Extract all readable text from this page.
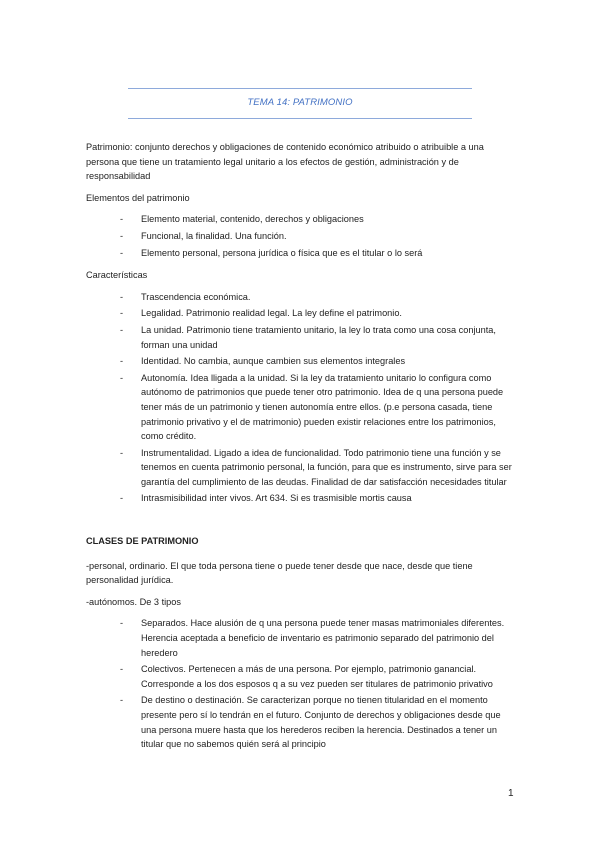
TEMA 14: PATRIMONIO

Patrimonio: conjunto derechos y obligaciones de contenido económico atribuido o atribuible a una persona que tiene un tratamiento legal unitario a los efectos de gestión, administración y de responsabilidad

Elementos del patrimonio

- Elemento material, contenido, derechos y obligaciones
- Funcional, la finalidad. Una función.
- Elemento personal, persona jurídica o física que es el titular o lo será

Características

- Trascendencia económica.
- Legalidad. Patrimonio realidad legal. La ley define el patrimonio.
- La unidad. Patrimonio tiene tratamiento unitario, la ley lo trata como una cosa conjunta, forman una unidad
- Identidad. No cambia, aunque cambien sus elementos integrales
- Autonomía. Idea lligada a la unidad. Si la ley da tratamiento unitario lo configura como autónomo de patrimonios que puede tener otro patrimonio. Idea de q una persona puede tener más de un patrimonio y tienen autonomía entre ellos. (p.e persona casada, tiene patrimonio privativo y el de matrimonio) pueden existir relaciones entre los patrimonios, como crédito.
- Instrumentalidad. Ligado a idea de funcionalidad. Todo patrimonio tiene una función y se tenemos en cuenta patrimonio personal, la función, para que es instrumento, sirve para ser garantía del cumplimiento de las deudas. Finalidad de dar satisfacción necesidades titular
- Intrasmisibilidad inter vivos. Art 634. Si es trasmisible mortis causa

CLASES DE PATRIMONIO

-personal, ordinario. El que toda persona tiene o puede tener desde que nace, desde que tiene personalidad jurídica.

-autónomos. De 3 tipos

- Separados. Hace alusión de q una persona puede tener masas matrimoniales diferentes. Herencia aceptada a beneficio de inventario es patrimonio separado del patrimonio del heredero
- Colectivos. Pertenecen a más de una persona. Por ejemplo, patrimonio ganancial. Corresponde a los dos esposos q a su vez pueden ser titulares de patrimonio privativo
- De destino o destinación. Se caracterizan porque no tienen titularidad en el momento presente pero sí lo tendrán en el futuro. Conjunto de derechos y obligaciones desde que una persona muere hasta que los herederos reciben la herencia. Destinados a tener un titular que no sabemos quién será al principio
1
